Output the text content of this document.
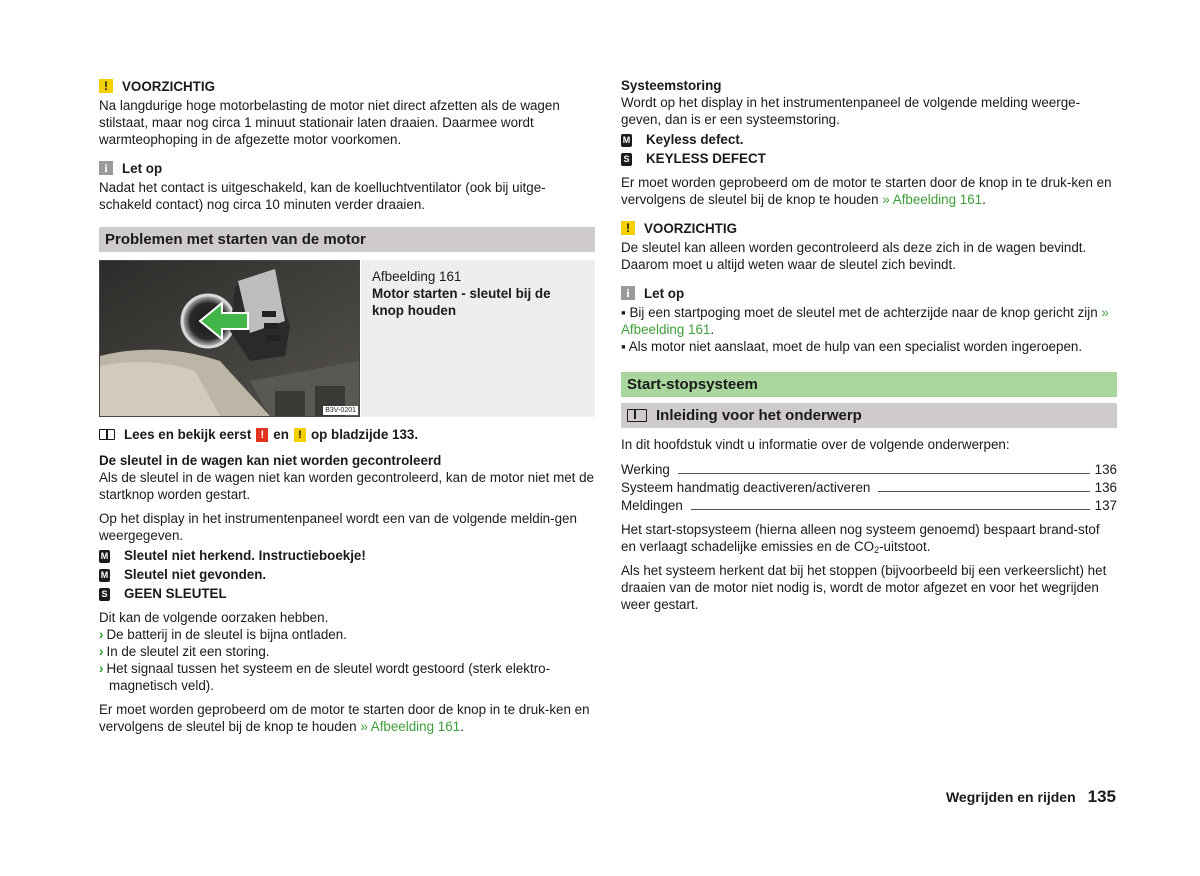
!	VOORZICHTIG

Na langdurige hoge motorbelasting de motor niet direct afzetten als de wagen stilstaat, maar nog circa 1 minuut stationair laten draaien. Daarmee wordt warmteophoping in de afgezette motor voorkomen.

i	Let op

Nadat het contact is uitgeschakeld, kan de koelluchtventilator (ook bij uitge-schakeld contact) nog circa 10 minuten verder draaien.

Problemen met starten van de motor
B3V-0201
Afbeelding 161
Motor starten - sleutel bij de knop houden
Lees en bekijk eerst ! en ! op bladzijde 133.

De sleutel in de wagen kan niet worden gecontroleerd

Als de sleutel in de wagen niet kan worden gecontroleerd, kan de motor niet met de startknop worden gestart.

Op het display in het instrumentenpaneel wordt een van de volgende meldin-gen weergegeven.

M Sleutel niet herkend. Instructieboekje!
M Sleutel niet gevonden.
S GEEN SLEUTEL

Dit kan de volgende oorzaken hebben.

› De batterij in de sleutel is bijna ontladen.
› In de sleutel zit een storing.
› Het signaal tussen het systeem en de sleutel wordt gestoord (sterk elektro-magnetisch veld).

Er moet worden geprobeerd om de motor te starten door de knop in te druk-ken en vervolgens de sleutel bij de knop te houden » Afbeelding 161.

Systeemstoring

Wordt op het display in het instrumentenpaneel de volgende melding weerge-geven, dan is er een systeemstoring.

M Keyless defect.
S KEYLESS DEFECT

Er moet worden geprobeerd om de motor te starten door de knop in te druk-ken en vervolgens de sleutel bij de knop te houden » Afbeelding 161.

!	VOORZICHTIG

De sleutel kan alleen worden gecontroleerd als deze zich in de wagen bevindt. Daarom moet u altijd weten waar de sleutel zich bevindt.

i	Let op
▪ Bij een startpoging moet de sleutel met de achterzijde naar de knop gericht zijn » Afbeelding 161.
▪ Als motor niet aanslaat, moet de hulp van een specialist worden ingeroepen.
Start-stopsysteem
Inleiding voor het onderwerp

In dit hoofdstuk vindt u informatie over de volgende onderwerpen:

Werking	136
Systeem handmatig deactiveren/activeren	136
Meldingen	137

Het start-stopsysteem (hierna alleen nog systeem genoemd) bespaart brand-stof en verlaagt schadelijke emissies en de $CO_2$-uitstoot.

Als het systeem herkent dat bij het stoppen (bijvoorbeeld bij een verkeerslicht) het draaien van de motor niet nodig is, wordt de motor afgezet en voor het wegrijden weer gestart.

Wegrijden en rijden 135
